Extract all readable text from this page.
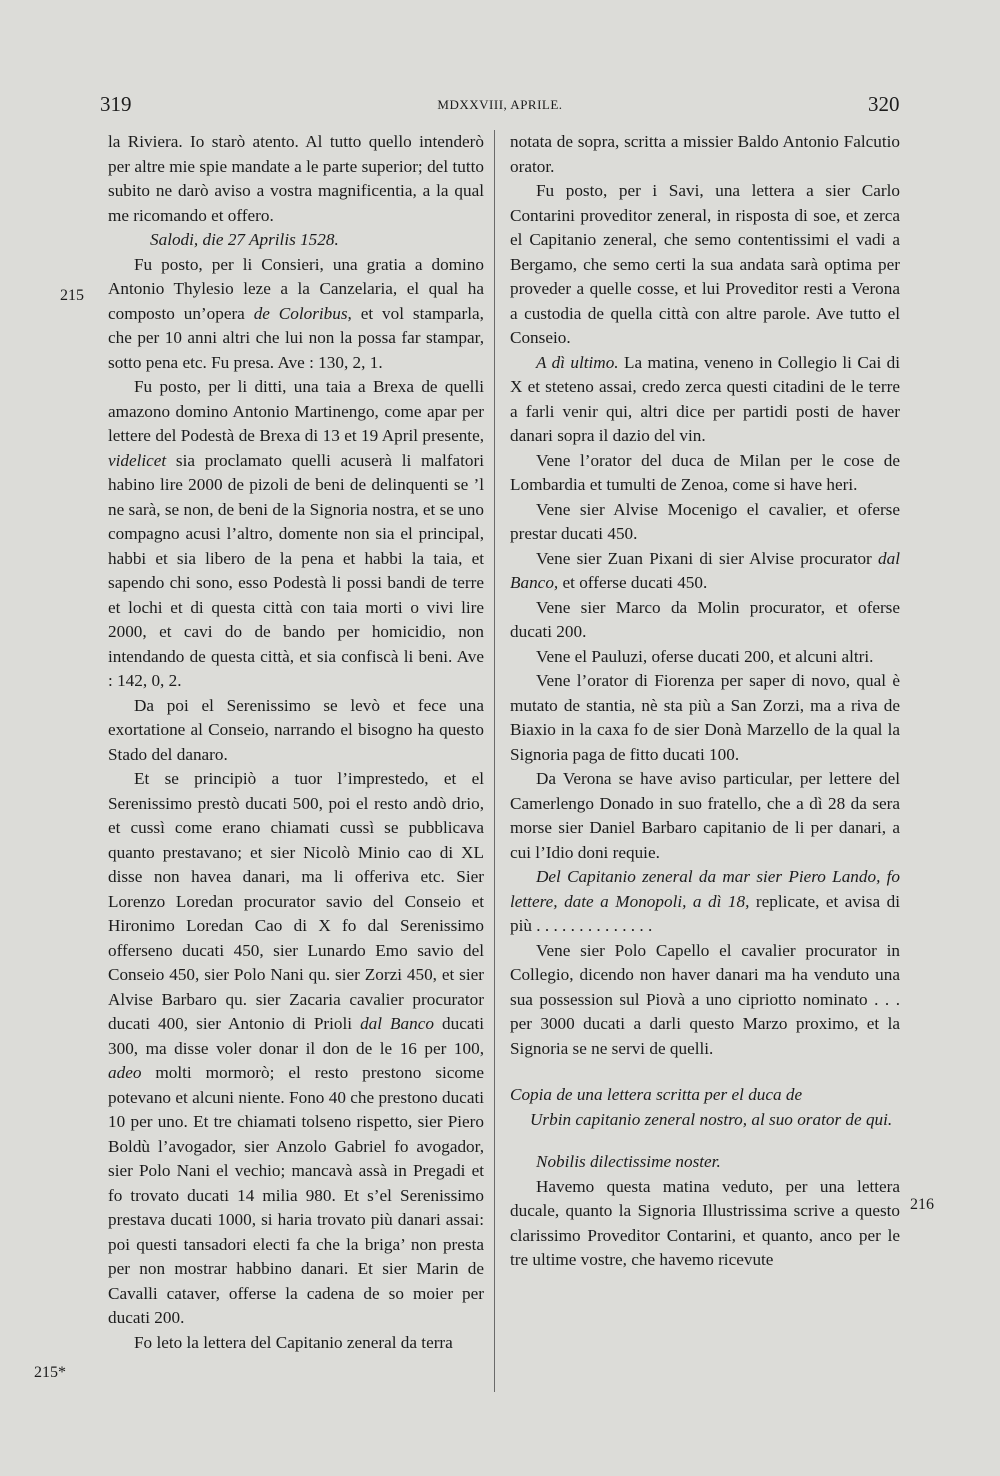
319	MDXXVIII, APRILE.	320
215
215*
216

la Riviera. Io starò atento. Al tutto quello intenderò per altre mie spie mandate a le parte superior; del tutto subito ne darò aviso a vostra magnificentia, a la qual me ricomando et offero.

Salodi, die 27 Aprilis 1528.

Fu posto, per li Consieri, una gratia a domino Antonio Thylesio leze a la Canzelaria, el qual ha composto un’opera de Coloribus, et vol stamparla, che per 10 anni altri che lui non la possa far stampar, sotto pena etc. Fu presa. Ave : 130, 2, 1.

Fu posto, per li ditti, una taia a Brexa de quelli amazono domino Antonio Martinengo, come apar per lettere del Podestà de Brexa di 13 et 19 April presente, videlicet sia proclamato quelli acuserà li malfatori habino lire 2000 de pizoli de beni de delinquenti se ’l ne sarà, se non, de beni de la Signoria nostra, et se uno compagno acusi l’altro, domente non sia el principal, habbi et sia libero de la pena et habbi la taia, et sapendo chi sono, esso Podestà li possi bandi de terre et lochi et di questa città con taia morti o vivi lire 2000, et cavi do de bando per homicidio, non intendando de questa città, et sia confiscà li beni. Ave : 142, 0, 2.

Da poi el Serenissimo se levò et fece una exortatione al Conseio, narrando el bisogno ha questo Stado del danaro.

Et se principiò a tuor l’imprestedo, et el Serenissimo prestò ducati 500, poi el resto andò drio, et cussì come erano chiamati cussì se pubblicava quanto prestavano; et sier Nicolò Minio cao di XL disse non havea danari, ma li offeriva etc. Sier Lorenzo Loredan procurator savio del Conseio et Hironimo Loredan Cao di X fo dal Serenissimo offerseno ducati 450, sier Lunardo Emo savio del Conseio 450, sier Polo Nani qu. sier Zorzi 450, et sier Alvise Barbaro qu. sier Zacaria cavalier procurator ducati 400, sier Antonio di Prioli dal Banco ducati 300, ma disse voler donar il don de le 16 per 100, adeo molti mormorò; el resto prestono sicome potevano et alcuni niente. Fono 40 che prestono ducati 10 per uno. Et tre chiamati tolseno rispetto, sier Piero Boldù l’avogador, sier Anzolo Gabriel fo avogador, sier Polo Nani el vechio; mancavà assà in Pregadi et fo trovato ducati 14 milia 980. Et s’el Serenissimo prestava ducati 1000, si haria trovato più danari assai: poi questi tansadori electi fa che la briga’ non presta per non mostrar habbino danari. Et sier Marin de Cavalli cataver, offerse la cadena de so moier per ducati 200.

Fo leto la lettera del Capitanio zeneral da terra

notata de sopra, scritta a missier Baldo Antonio Falcutio orator.

Fu posto, per i Savi, una lettera a sier Carlo Contarini proveditor zeneral, in risposta di soe, et zerca el Capitanio zeneral, che semo contentissimi el vadi a Bergamo, che semo certi la sua andata sarà optima per proveder a quelle cosse, et lui Proveditor resti a Verona a custodia de quella città con altre parole. Ave tutto el Conseio.

A dì ultimo. La matina, veneno in Collegio li Cai di X et steteno assai, credo zerca questi citadini de le terre a farli venir qui, altri dice per partidi posti de haver danari sopra il dazio del vin.

Vene l’orator del duca de Milan per le cose de Lombardia et tumulti de Zenoa, come si have heri.

Vene sier Alvise Mocenigo el cavalier, et oferse prestar ducati 450.

Vene sier Zuan Pixani di sier Alvise procurator dal Banco, et offerse ducati 450.

Vene sier Marco da Molin procurator, et oferse ducati 200.

Vene el Pauluzi, oferse ducati 200, et alcuni altri.

Vene l’orator di Fiorenza per saper di novo, qual è mutato de stantia, nè sta più a San Zorzi, ma a riva de Biaxio in la caxa fo de sier Donà Marzello de la qual la Signoria paga de fitto ducati 100.

Da Verona se have aviso particular, per lettere del Camerlengo Donado in suo fratello, che a dì 28 da sera morse sier Daniel Barbaro capitanio de li per danari, a cui l’Idio doni requie.

Del Capitanio zeneral da mar sier Piero Lando, fo lettere, date a Monopoli, a dì 18, replicate, et avisa di più . . . . . . . . . . . . . .

Vene sier Polo Capello el cavalier procurator in Collegio, dicendo non haver danari ma ha venduto una sua possession sul Piovà a uno cipriotto nominato . . . per 3000 ducati a darli questo Marzo proximo, et la Signoria se ne servi de quelli.

Copia de una lettera scritta per el duca de

Urbin capitanio zeneral nostro, al suo orator de qui.

Nobilis dilectissime noster.

Havemo questa matina veduto, per una lettera ducale, quanto la Signoria Illustrissima scrive a questo clarissimo Proveditor Contarini, et quanto, anco per le tre ultime vostre, che havemo ricevute
